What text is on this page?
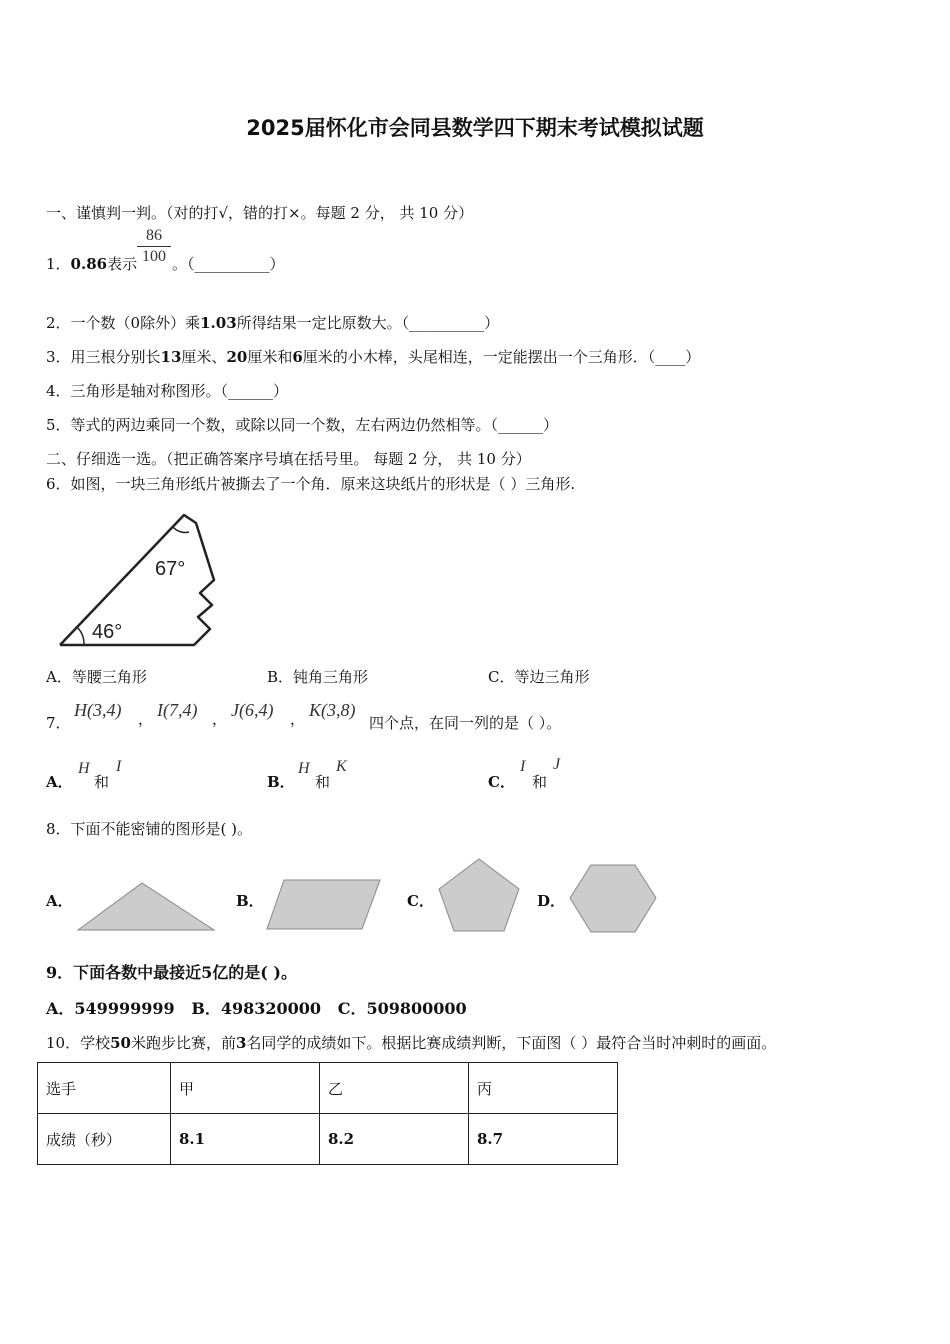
2025届怀化市会同县数学四下期末考试模拟试题
一、谨慎判一判。（对的打√，错的打×。每题 2 分， 共 10 分）
1．0.86表示 $\frac{86}{100}$ 。（__________）
2．一个数（0除外）乘1.03所得结果一定比原数大。（__________）
3．用三根分别长13厘米、20厘米和6厘米的小木棒，头尾相连，一定能摆出一个三角形．（____）
4．三角形是轴对称图形。（______）
5．等式的两边乘同一个数，或除以同一个数，左右两边仍然相等。（______）
二、仔细选一选。（把正确答案序号填在括号里。 每题 2 分， 共 10 分）
6．如图，一块三角形纸片被撕去了一个角．原来这块纸片的形状是（ ）三角形.
67°
46°
A．等腰三角形	B．钝角三角形	C．等边三角形
7．
H(3,4) ， I(7,4) ， J(6,4) ， K(3,8)
四个点，在同一列的是（ ）。
A．
H
和
I
B．
H
和
K
C．
I
和
J
8．下面不能密铺的图形是( )。
A．	B．	C．	D．
9．下面各数中最接近5亿的是( )。
A．549999999   B．498320000   C．509800000
10．学校50米跑步比赛，前3名同学的成绩如下。根据比赛成绩判断，下面图（ ）最符合当时冲刺时的画面。
选手	甲	乙	丙
成绩（秒）	8.1	8.2	8.7
